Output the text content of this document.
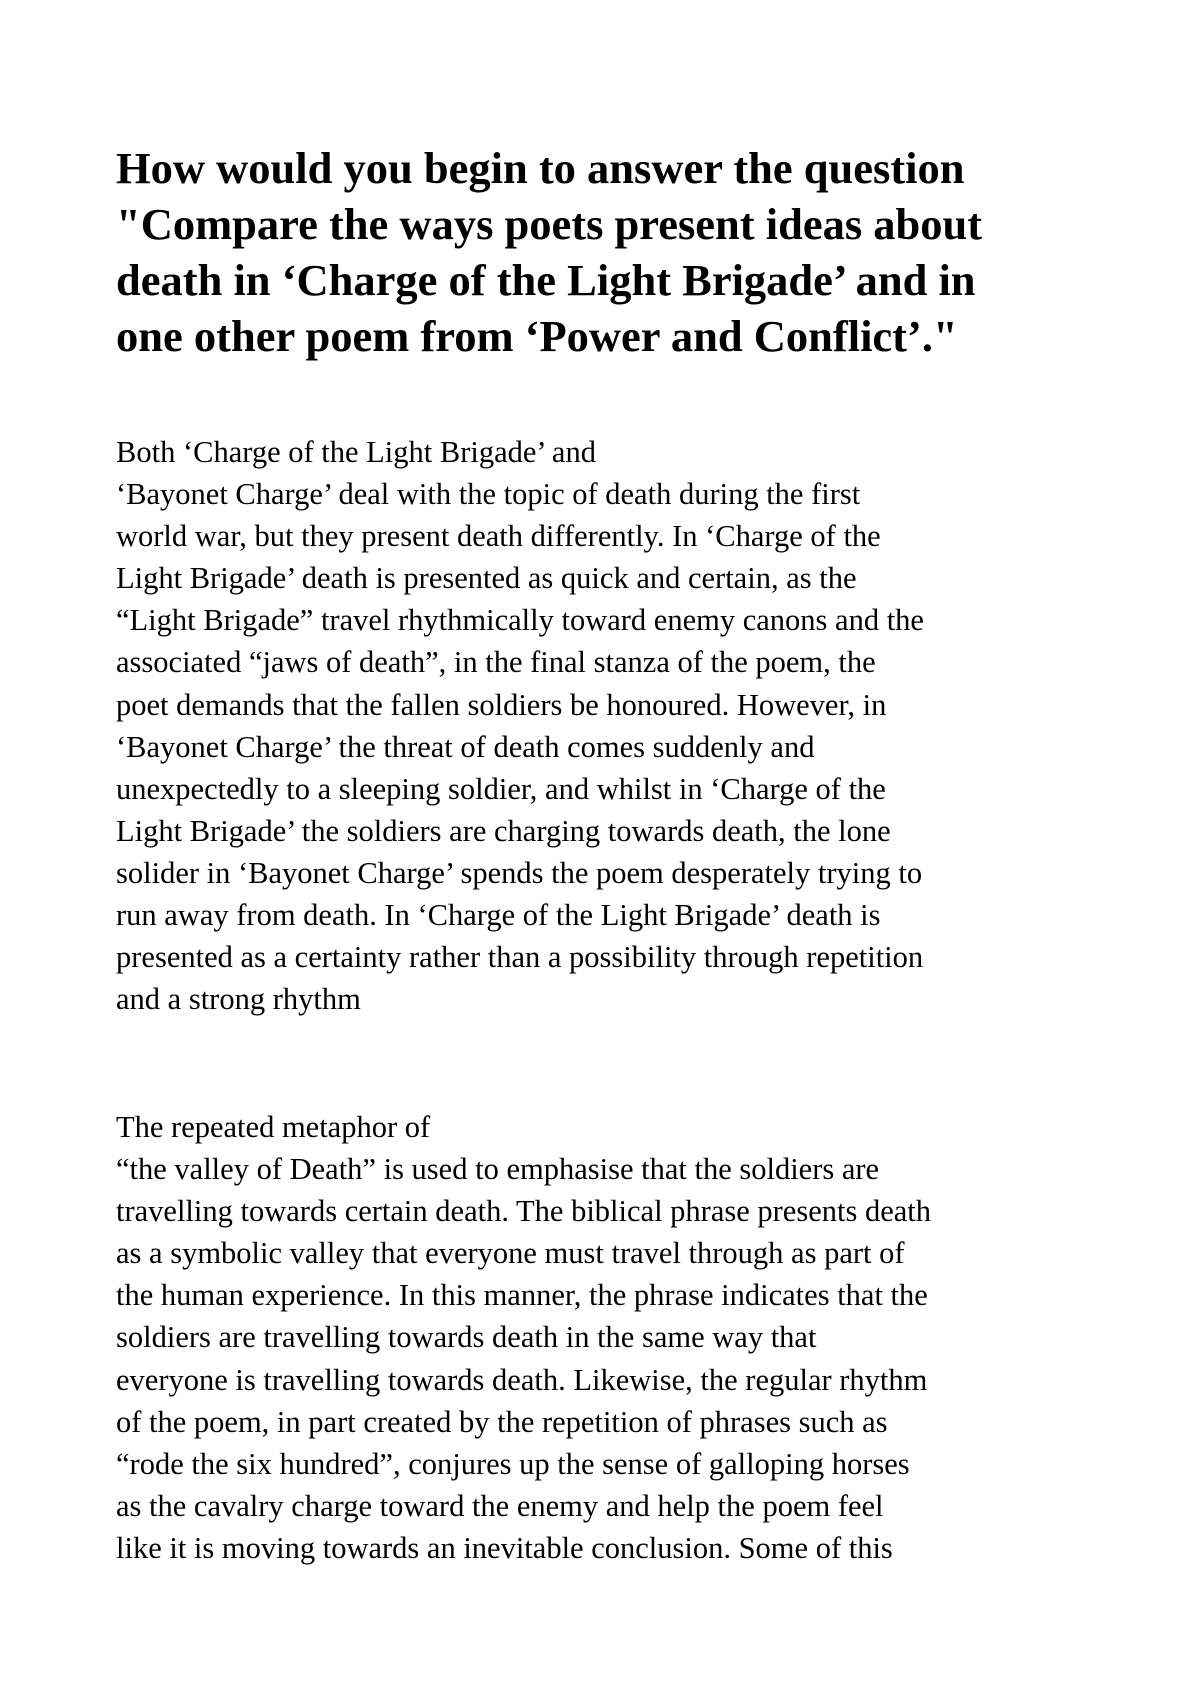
How would you begin to answer the question
"Compare the ways poets present ideas about
death in ‘Charge of the Light Brigade’ and in
one other poem from ‘Power and Conflict’."

Both ‘Charge of the Light Brigade’ and
‘Bayonet Charge’ deal with the topic of death during the first
world war, but they present death differently. In ‘Charge of the
Light Brigade’ death is presented as quick and certain, as the
“Light Brigade” travel rhythmically toward enemy canons and the
associated “jaws of death”, in the final stanza of the poem, the
poet demands that the fallen soldiers be honoured. However, in
‘Bayonet Charge’ the threat of death comes suddenly and
unexpectedly to a sleeping soldier, and whilst in ‘Charge of the
Light Brigade’ the soldiers are charging towards death, the lone
solider in ‘Bayonet Charge’ spends the poem desperately trying to
run away from death. In ‘Charge of the Light Brigade’ death is
presented as a certainty rather than a possibility through repetition
and a strong rhythm

The repeated metaphor of
“the valley of Death” is used to emphasise that the soldiers are
travelling towards certain death. The biblical phrase presents death
as a symbolic valley that everyone must travel through as part of
the human experience. In this manner, the phrase indicates that the
soldiers are travelling towards death in the same way that
everyone is travelling towards death. Likewise, the regular rhythm
of the poem, in part created by the repetition of phrases such as
“rode the six hundred”, conjures up the sense of galloping horses
as the cavalry charge toward the enemy and help the poem feel
like it is moving towards an inevitable conclusion. Some of this
